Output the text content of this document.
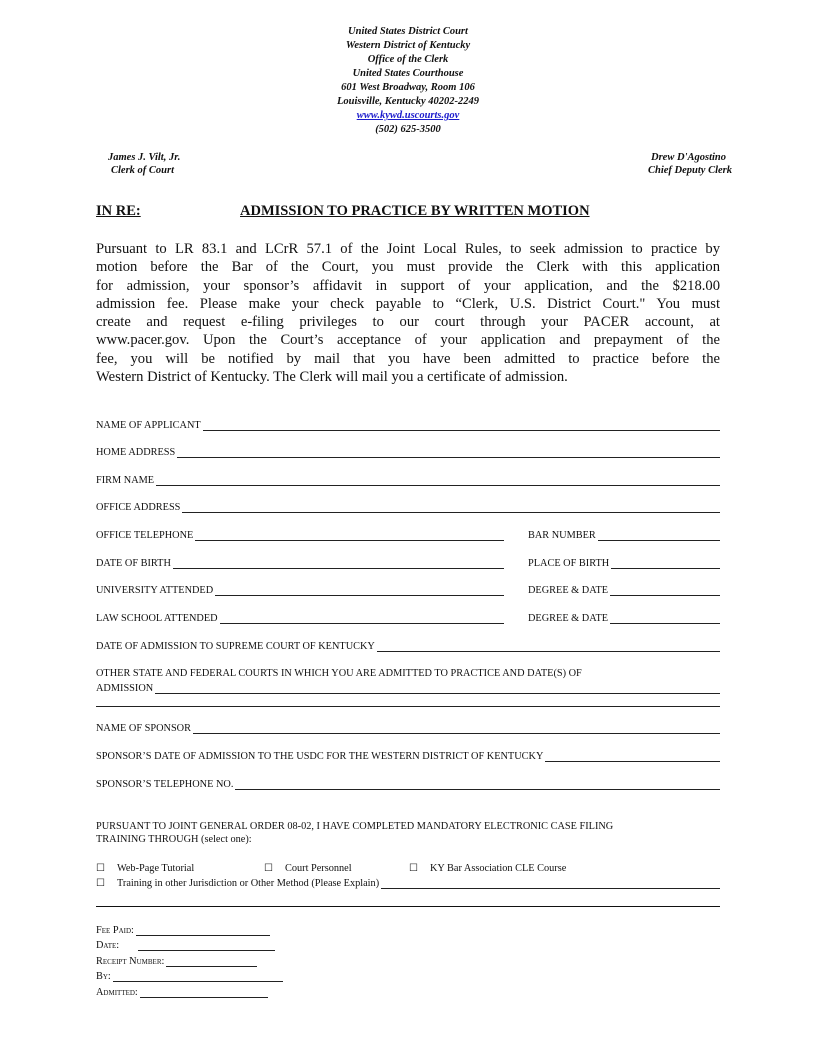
United States District Court
Western District of Kentucky
Office of the Clerk
United States Courthouse
601 West Broadway, Room 106
Louisville, Kentucky 40202-2249
www.kywd.uscourts.gov
(502) 625-3500
James J. Vilt, Jr.
Clerk of Court
Drew D'Agostino
Chief Deputy Clerk
IN RE:	ADMISSION TO PRACTICE BY WRITTEN MOTION
Pursuant to LR 83.1 and LCrR 57.1 of the Joint Local Rules, to seek admission to practice by
motion before the Bar of the Court, you must provide the Clerk with this application
for admission, your sponsor’s affidavit in support of your application, and the $218.00
admission fee. Please make your check payable to “Clerk, U.S. District Court." You must
create and request e-filing privileges to our court through your PACER account, at
www.pacer.gov. Upon the Court’s acceptance of your application and prepayment of the
fee, you will be notified by mail that you have been admitted to practice before the
Western District of Kentucky. The Clerk will mail you a certificate of admission.
NAME OF APPLICANT
HOME ADDRESS
FIRM NAME
OFFICE ADDRESS
OFFICE TELEPHONE	BAR NUMBER
DATE OF BIRTH	PLACE OF BIRTH
UNIVERSITY ATTENDED	DEGREE & DATE
LAW SCHOOL ATTENDED	DEGREE & DATE
DATE OF ADMISSION TO SUPREME COURT OF KENTUCKY
OTHER STATE AND FEDERAL COURTS IN WHICH YOU ARE ADMITTED TO PRACTICE AND DATE(S) OF
ADMISSION
NAME OF SPONSOR
SPONSOR’S DATE OF ADMISSION TO THE USDC FOR THE WESTERN DISTRICT OF KENTUCKY
SPONSOR’S TELEPHONE NO.
PURSUANT TO JOINT GENERAL ORDER 08-02, I HAVE COMPLETED MANDATORY ELECTRONIC CASE FILING
TRAINING THROUGH (select one):
☐ Web-Page Tutorial	☐ Court Personnel	☐ KY Bar Association CLE Course
☐ Training in other Jurisdiction or Other Method (Please Explain)
Fee Paid:
Date:
Receipt Number:
By:
Admitted:
